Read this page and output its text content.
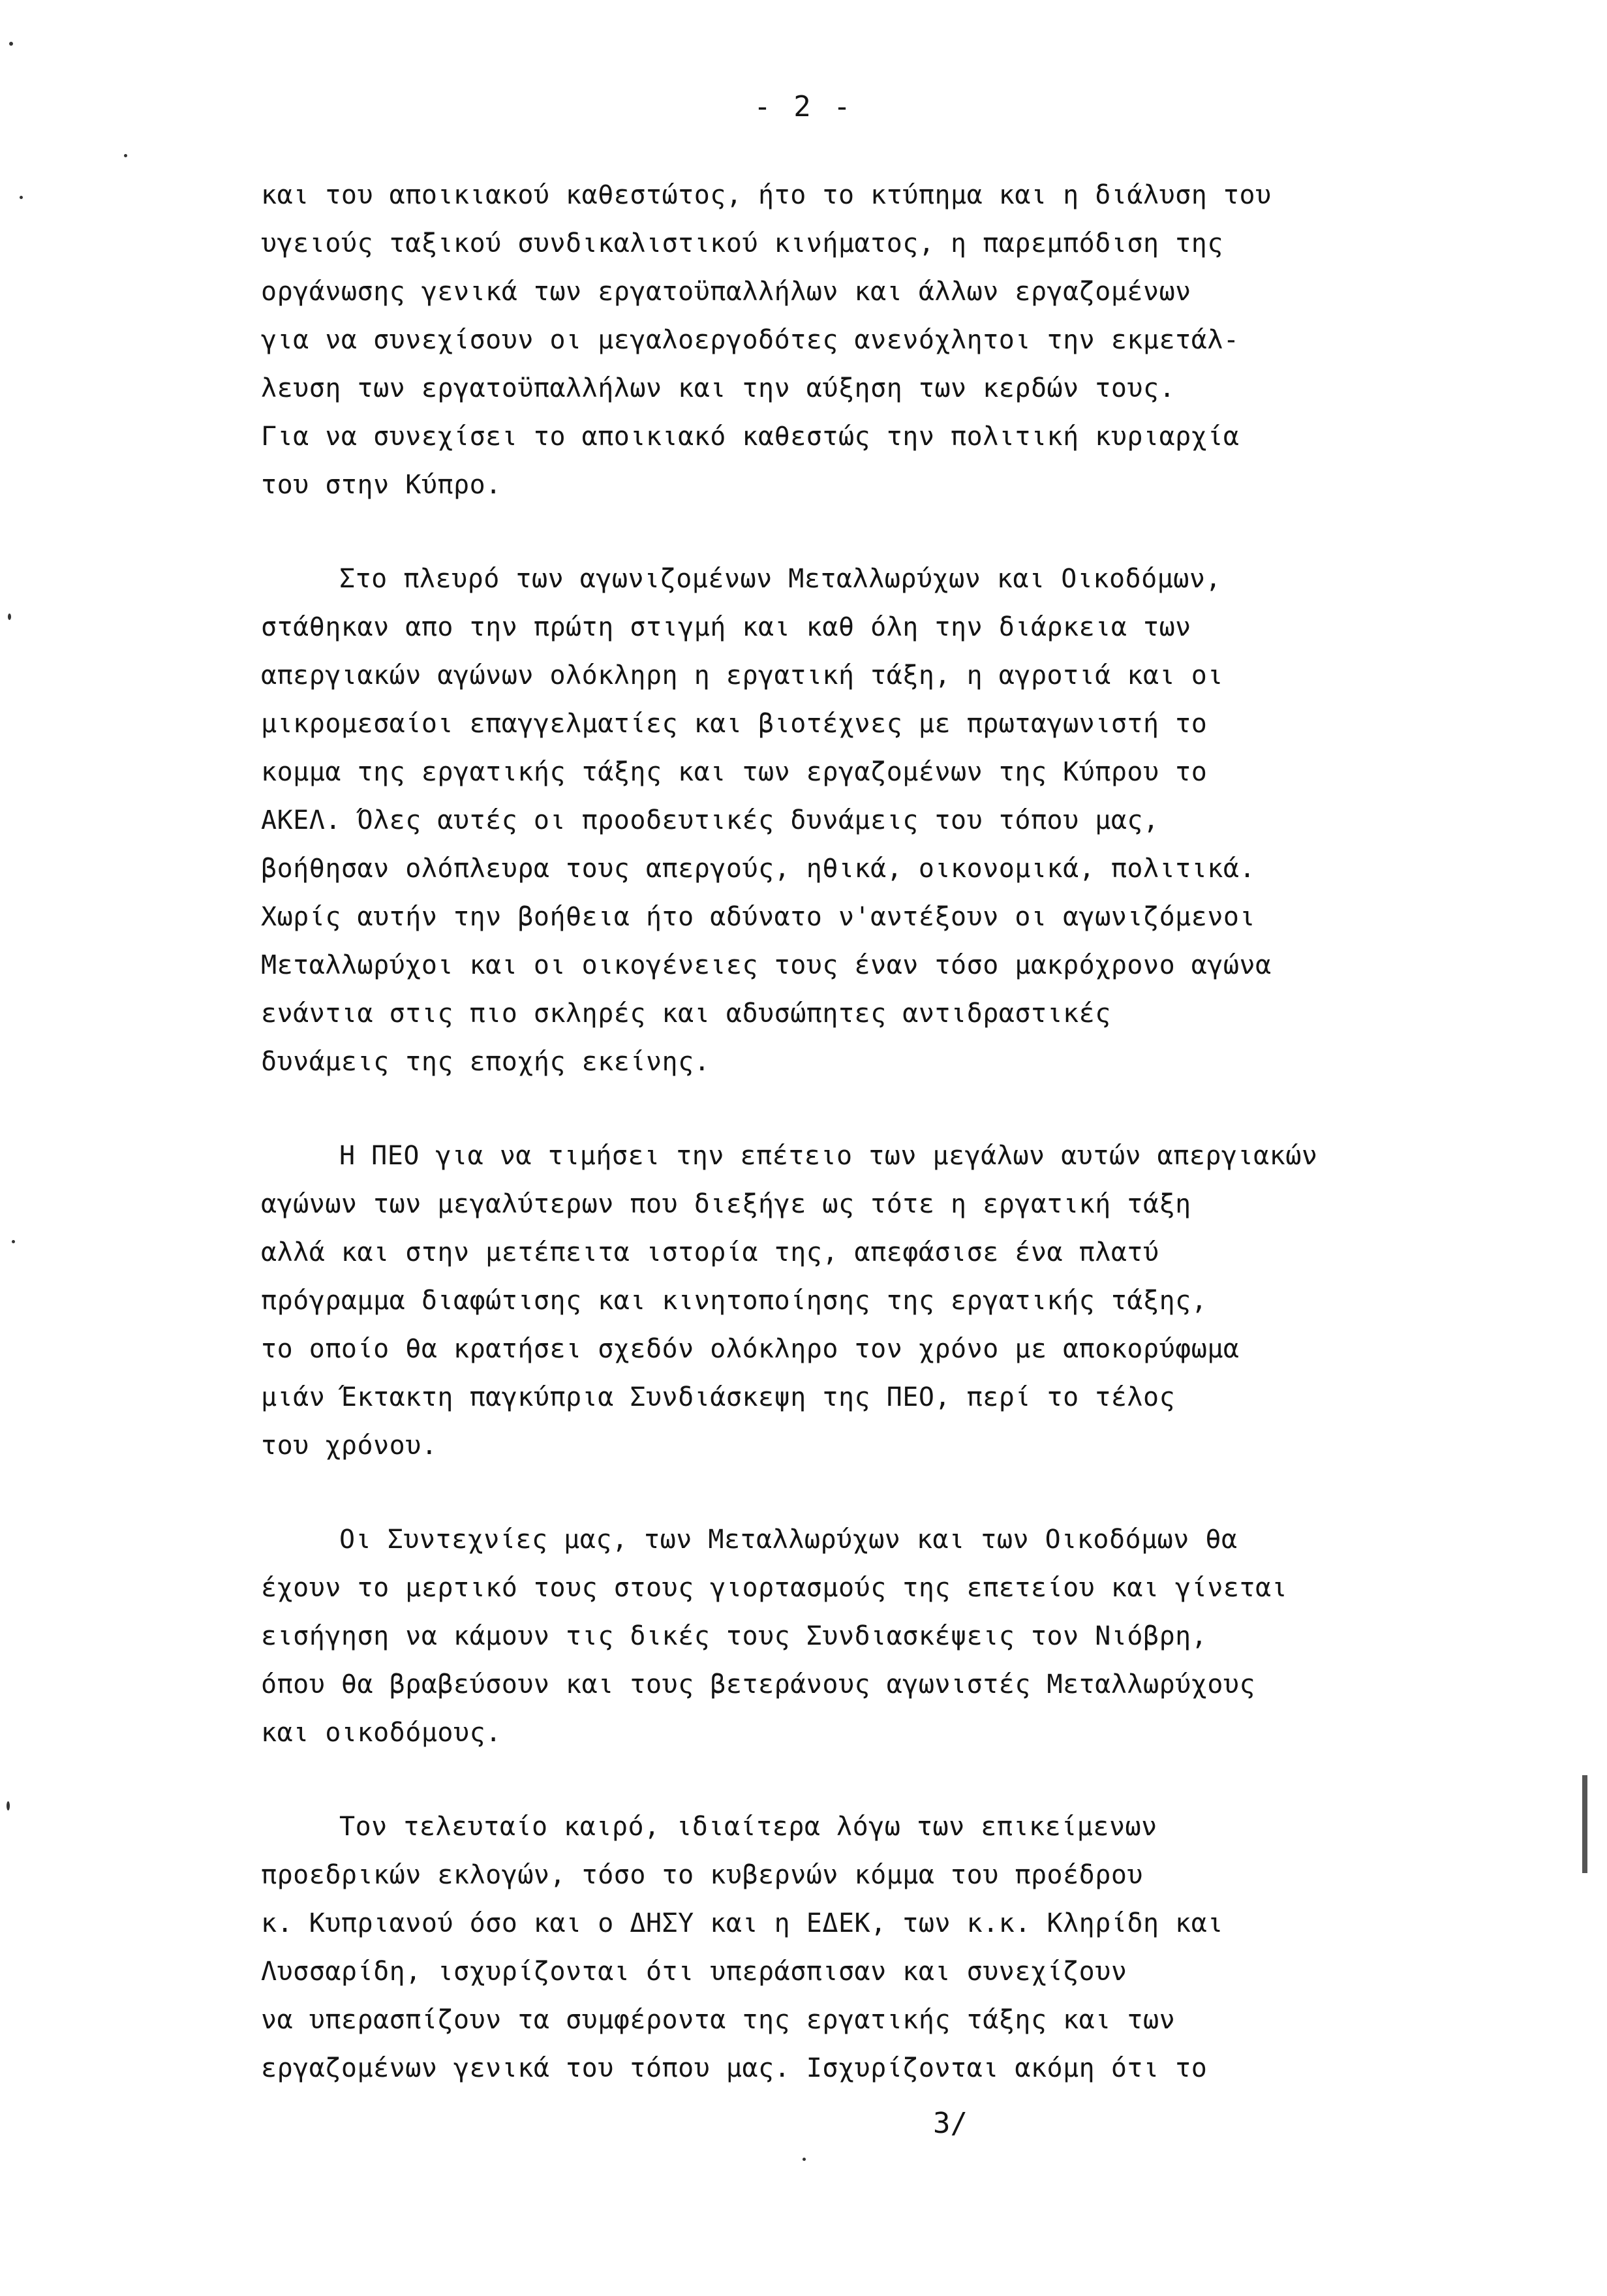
- 2 -
και του αποικιακού καθεστώτος, ήτο το κτύπημα και η διάλυση του
υγειούς ταξικού συνδικαλιστικού κινήματος, η παρεμπόδιση της
οργάνωσης γενικά των εργατοϋπαλλήλων και άλλων εργαζομένων
για να συνεχίσουν οι μεγαλοεργοδότες ανενόχλητοι την εκμετάλ-
λευση των εργατοϋπαλλήλων και την αύξηση των κερδών τους.
Για να συνεχίσει το αποικιακό καθεστώς την πολιτική κυριαρχία
του στην Κύπρο.
Στο πλευρό των αγωνιζομένων Μεταλλωρύχων και Οικοδόμων,
στάθηκαν απο την πρώτη στιγμή και καθ όλη την διάρκεια των
απεργιακών αγώνων ολόκληρη η εργατική τάξη, η αγροτιά και οι
μικρομεσαίοι επαγγελματίες και βιοτέχνες με πρωταγωνιστή το
κομμα της εργατικής τάξης και των εργαζομένων της Κύπρου το
ΑΚΕΛ. Όλες αυτές οι προοδευτικές δυνάμεις του τόπου μας,
βοήθησαν ολόπλευρα τους απεργούς, ηθικά, οικονομικά, πολιτικά.
Χωρίς αυτήν την βοήθεια ήτο αδύνατο ν'αντέξουν οι αγωνιζόμενοι
Μεταλλωρύχοι και οι οικογένειες τους έναν τόσο μακρόχρονο αγώνα
ενάντια στις πιο σκληρές και αδυσώπητες αντιδραστικές
δυνάμεις της εποχής εκείνης.
Η ΠΕΟ για να τιμήσει την επέτειο των μεγάλων αυτών απεργιακών
αγώνων των μεγαλύτερων που διεξήγε ως τότε η εργατική τάξη
αλλά και στην μετέπειτα ιστορία της, απεφάσισε ένα πλατύ
πρόγραμμα διαφώτισης και κινητοποίησης της εργατικής τάξης,
το οποίο θα κρατήσει σχεδόν ολόκληρο τον χρόνο με αποκορύφωμα
μιάν Έκτακτη παγκύπρια Συνδιάσκεψη της ΠΕΟ, περί το τέλος
του χρόνου.
Οι Συντεχνίες μας, των Μεταλλωρύχων και των Οικοδόμων θα
έχουν το μερτικό τους στους γιορτασμούς της επετείου και γίνεται
εισήγηση να κάμουν τις δικές τους Συνδιασκέψεις τον Νιόβρη,
όπου θα βραβεύσουν και τους βετεράνους αγωνιστές Μεταλλωρύχους
και οικοδόμους.
Τον τελευταίο καιρό, ιδιαίτερα λόγω των επικείμενων
προεδρικών εκλογών, τόσο το κυβερνών κόμμα του προέδρου
κ. Κυπριανού όσο και ο ΔΗΣΥ και η ΕΔΕΚ, των κ.κ. Κληρίδη και
Λυσσαρίδη, ισχυρίζονται ότι υπεράσπισαν και συνεχίζουν
να υπερασπίζουν τα συμφέροντα της εργατικής τάξης και των
εργαζομένων γενικά του τόπου μας. Ισχυρίζονται ακόμη ότι το
3/
